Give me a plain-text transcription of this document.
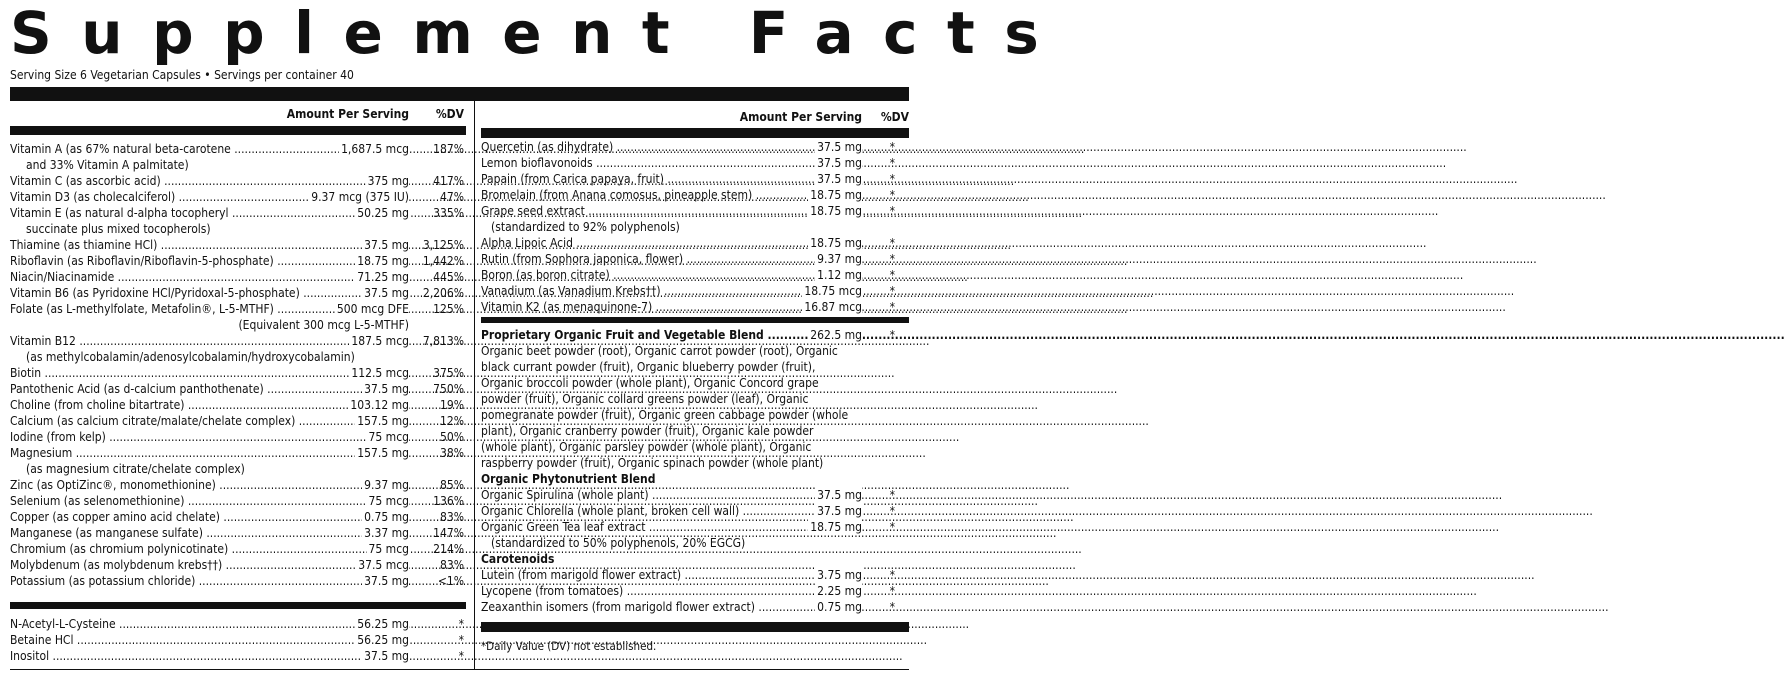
Supplement Facts
Serving Size 6 Vegetarian Capsules • Servings per container 40
Amount Per Serving %DV
Vitamin A (as 67% natural beta-carotene .....	1,687.5 mcg 187%
and 33% Vitamin A palmitate)
Vitamin C (as ascorbic acid) .....	375 mg 417%
Vitamin D3 (as cholecalciferol) .....	9.37 mcg (375 IU)	47%
Vitamin E (as natural d-alpha tocopheryl .....	50.25 mg 335%
succinate plus mixed tocopherols)
Thiamine (as thiamine HCl) .....	37.5 mg 3,125%
Riboflavin (as Riboflavin/Riboflavin-5-phosphate) .....	18.75 mg 1,442%
Niacin/Niacinamide .....	71.25 mg 445%
Vitamin B6 (as Pyridoxine HCl/Pyridoxal-5-phosphate) .....	37.5 mg 2,206%
Folate (as L-methylfolate, Metafolin®, L-5-MTHF) .....	500 mcg DFE 125%
(Equivalent 300 mcg L-5-MTHF)
Vitamin B12 .....	187.5 mcg 7,813%
(as methylcobalamin/adenosylcobalamin/hydroxycobalamin)
Biotin .....	112.5 mcg 375%
Pantothenic Acid (as d-calcium panthothenate) .....	37.5 mg 750%
Choline (from choline bitartrate) .....	103.12 mg	19%
Calcium (as calcium citrate/malate/chelate complex) .....	157.5 mg	12%
Iodine (from kelp) .....	75 mcg	50%
Magnesium .....	157.5 mg	38%
(as magnesium citrate/chelate complex)
Zinc (as OptiZinc®, monomethionine) .....	9.37 mg	85%
Selenium (as selenomethionine) .....	75 mcg 136%
Copper (as copper amino acid chelate) .....	0.75 mg	83%
Manganese (as manganese sulfate) .....	3.37 mg 147%
Chromium (as chromium polynicotinate) .....	75 mcg 214%
Molybdenum (as molybdenum krebs††) .....	37.5 mcg	83%
Potassium (as potassium chloride) .....	37.5 mg <1%
N-Acetyl-L-Cysteine .....	56.25 mg	*
Betaine HCl .....	56.25 mg	*
Inositol .....	37.5 mg	*
Amount Per Serving %DV
*Daily Value (DV) not established.
Quercetin (as dihydrate) .....	37.5 mg *
Lemon bioflavonoids .....	37.5 mg *
Papain (from Carica papaya, fruit) .....	37.5 mg *
Bromelain (from Anana comosus, pineapple stem) .....	18.75 mg *
Grape seed extract .....	18.75 mg *
(standardized to 92% polyphenols)
Alpha Lipoic Acid .....	18.75 mg *
Rutin (from Sophora japonica, flower) .....	9.37 mg *
Boron (as boron citrate) .....	1.12 mg *
Vanadium (as Vanadium Krebs††) .....	18.75 mcg *
Vitamin K2 (as menaquinone-7) .....	16.87 mcg *
Proprietary Organic Fruit and Vegetable Blend .....	262.5 mg *
Organic beet powder (root), Organic carrot powder (root), Organic
black currant powder (fruit), Organic blueberry powder (fruit),
Organic broccoli powder (whole plant), Organic Concord grape
powder (fruit), Organic collard greens powder (leaf), Organic
pomegranate powder (fruit), Organic green cabbage powder (whole
plant), Organic cranberry powder (fruit), Organic kale powder
(whole plant), Organic parsley powder (whole plant), Organic
raspberry powder (fruit), Organic spinach powder (whole plant)
Organic Phytonutrient Blend
Organic Spirulina (whole plant) .....	37.5 mg *
Organic Chlorella (whole plant, broken cell wall) .....	37.5 mg *
Organic Green Tea leaf extract .....	18.75 mg *
(standardized to 50% polyphenols, 20% EGCG)
Carotenoids
Lutein (from marigold flower extract) .....	3.75 mg *
Lycopene (from tomatoes) .....	2.25 mg *
Zeaxanthin isomers (from marigold flower extract) .....	0.75 mg *
